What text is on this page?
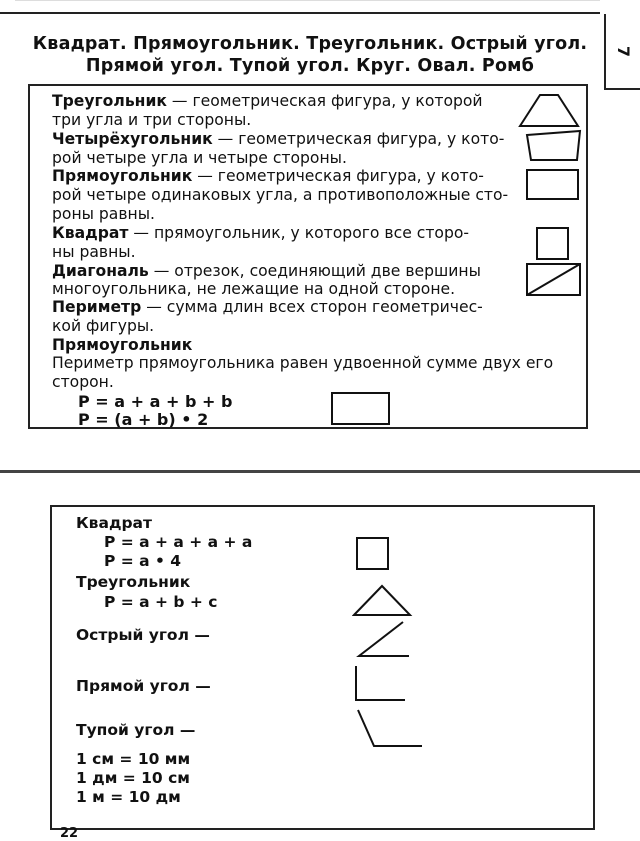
7
Квадрат. Прямоугольник. Треугольник. Острый угол.
Прямой угол. Тупой угол. Круг. Овал. Ромб
Треугольник — геометрическая фигура, у которой
три угла и три стороны.
Четырёхугольник — геометрическая фигура, у кото-
рой четыре угла и четыре стороны.
Прямоугольник — геометрическая фигура, у кото-
рой четыре одинаковых угла, а противоположные сто-
роны равны.
Квадрат — прямоугольник, у которого все сторо-
ны равны.
Диагональ — отрезок, соединяющий две вершины
многоугольника, не лежащие на одной стороне.
Периметр — сумма длин всех сторон геометричес-
кой фигуры.
Прямоугольник
Периметр прямоугольника равен удвоенной сумме двух его
сторон.
P = a + a + b + b
P = (a + b) • 2
Квадрат
P = a + a + a + a
P = a • 4
Треугольник
P = a + b + c
Острый угол —
Прямой угол —
Тупой угол —
1 см = 10 мм
1 дм = 10 см
1 м = 10 дм
22
